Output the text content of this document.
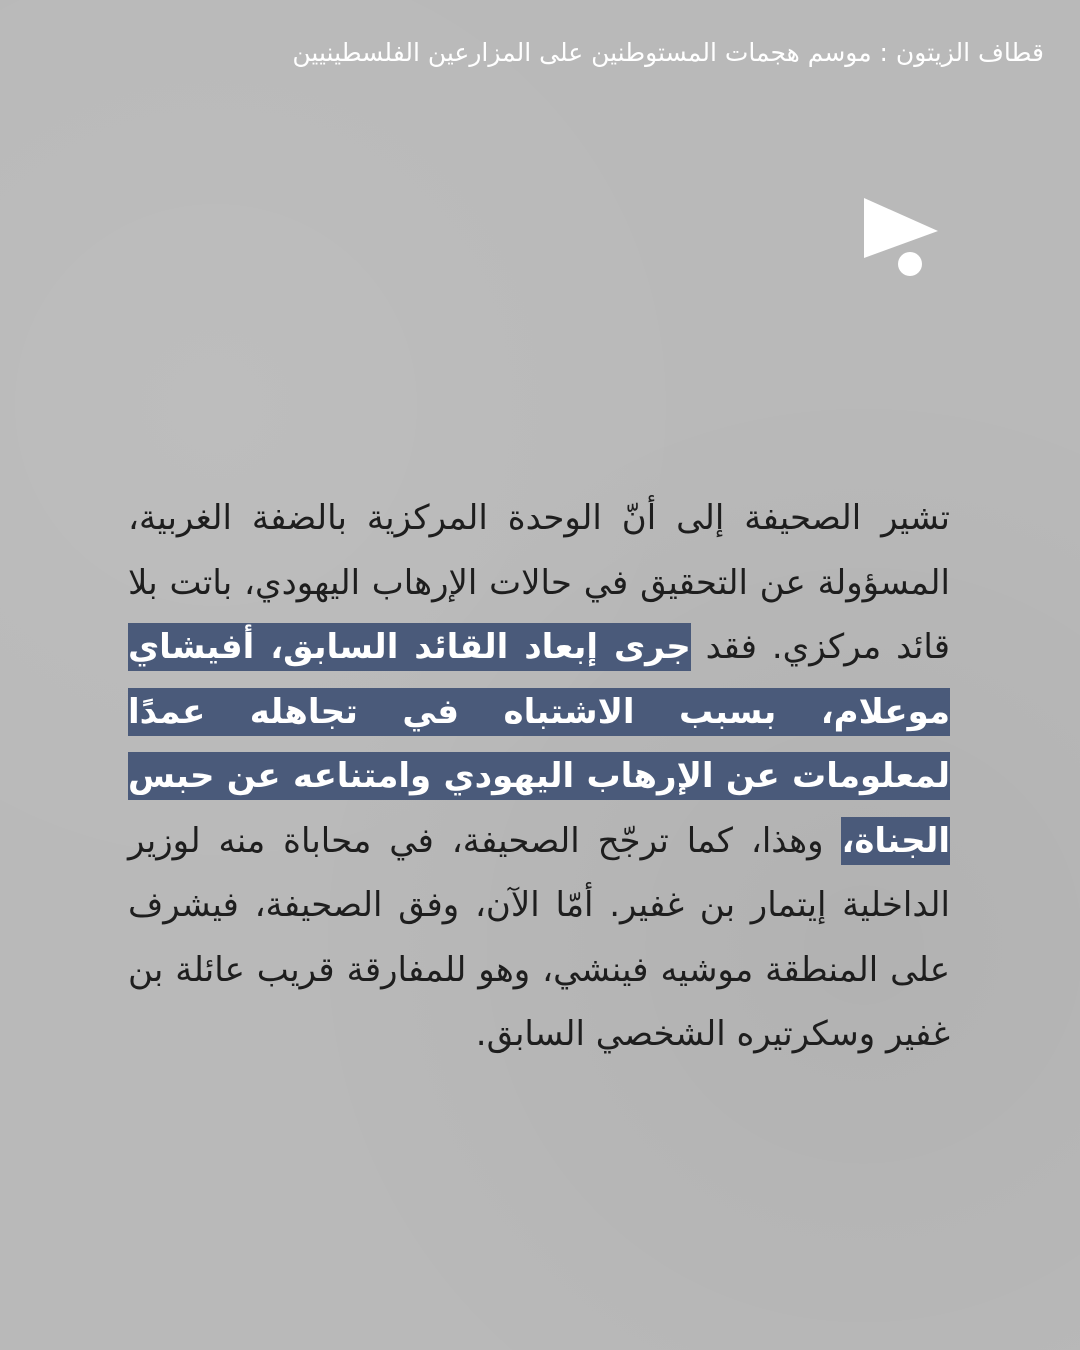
قطاف الزيتون : موسم هجمات المستوطنين على المزارعين الفلسطينيين

تشير الصحيفة إلى أنّ الوحدة المركزية بالضفة الغربية، المسؤولة عن التحقيق في حالات الإرهاب اليهودي، باتت بلا قائد مركزي. فقد جرى إبعاد القائد السابق، أفيشاي موعلام، بسبب الاشتباه في تجاهله عمدًا لمعلومات عن الإرهاب اليهودي وامتناعه عن حبس الجناة، وهذا، كما ترجّح الصحيفة، في محاباة منه لوزير الداخلية إيتمار بن غفير. أمّا الآن، وفق الصحيفة، فيشرف على المنطقة موشيه فينشي، وهو للمفارقة قريب عائلة بن غفير وسكرتيره الشخصي السابق.
